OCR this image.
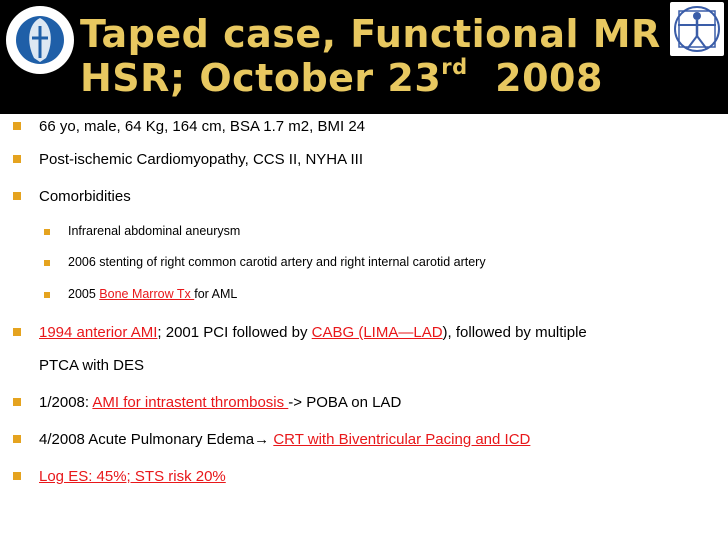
Taped case, Functional MR
HSR; October 23rd  2008
66 yo, male, 64 Kg, 164 cm, BSA 1.7 m2, BMI 24
Post-ischemic Cardiomyopathy, CCS II, NYHA III
Comorbidities
Infrarenal abdominal aneurysm
2006 stenting of right common carotid artery and right internal carotid artery
2005 Bone Marrow Tx for AML
1994 anterior AMI; 2001 PCI followed by CABG (LIMA—LAD), followed by multiple
PTCA with DES
1/2008: AMI for intrastent thrombosis -> POBA on LAD
4/2008 Acute Pulmonary Edema→ CRT with Biventricular Pacing and ICD
Log ES: 45%; STS risk 20%
